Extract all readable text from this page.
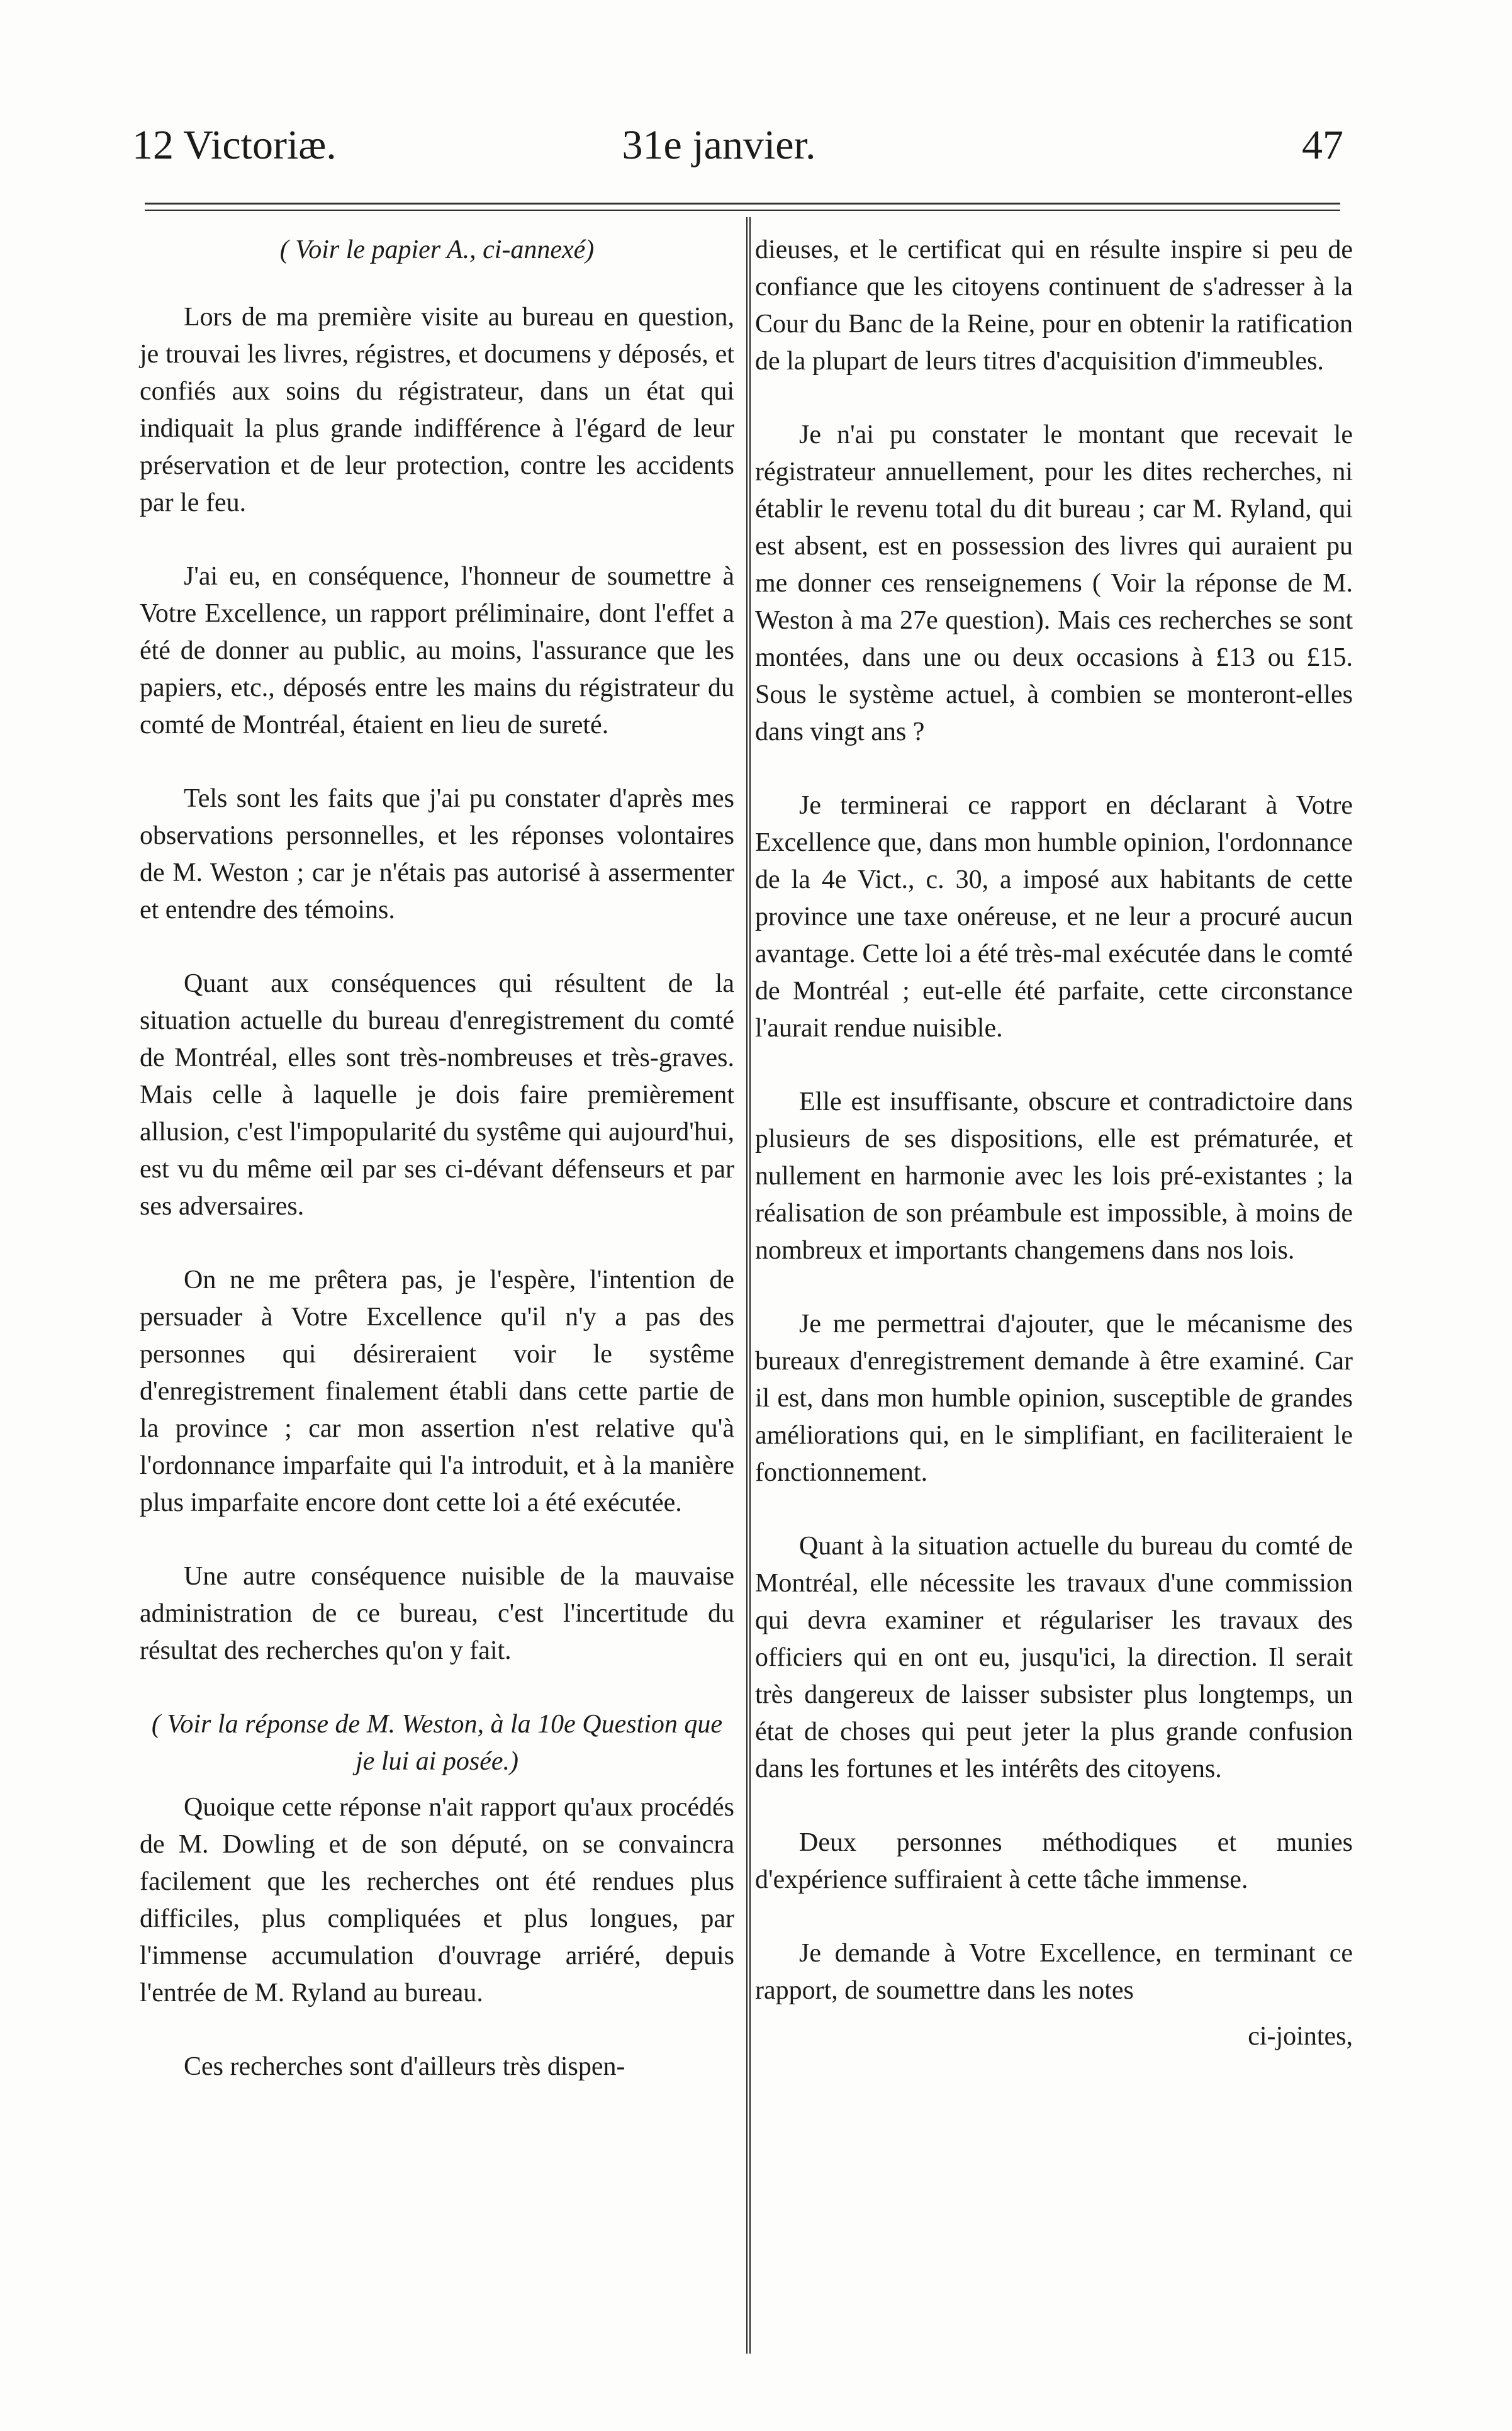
12 Victoriæ.	31e janvier.	47

( Voir le papier A., ci-annexé)

Lors de ma première visite au bureau en question, je trouvai les livres, régistres, et documens y déposés, et confiés aux soins du régistrateur, dans un état qui indiquait la plus grande indifférence à l'égard de leur préservation et de leur protection, contre les accidents par le feu.

J'ai eu, en conséquence, l'honneur de soumettre à Votre Excellence, un rapport préliminaire, dont l'effet a été de donner au public, au moins, l'assurance que les papiers, etc., déposés entre les mains du régistrateur du comté de Montréal, étaient en lieu de sureté.

Tels sont les faits que j'ai pu constater d'après mes observations personnelles, et les réponses volontaires de M. Weston ; car je n'étais pas autorisé à assermenter et entendre des témoins.

Quant aux conséquences qui résultent de la situation actuelle du bureau d'enregistrement du comté de Montréal, elles sont très-nombreuses et très-graves. Mais celle à laquelle je dois faire premièrement allusion, c'est l'impopularité du systême qui aujourd'hui, est vu du même œil par ses ci-dévant défenseurs et par ses adversaires.

On ne me prêtera pas, je l'espère, l'intention de persuader à Votre Excellence qu'il n'y a pas des personnes qui désireraient voir le systême d'enregistrement finalement établi dans cette partie de la province ; car mon assertion n'est relative qu'à l'ordonnance imparfaite qui l'a introduit, et à la manière plus imparfaite encore dont cette loi a été exécutée.

Une autre conséquence nuisible de la mauvaise administration de ce bureau, c'est l'incertitude du résultat des recherches qu'on y fait.

( Voir la réponse de M. Weston, à la 10e Question que je lui ai posée.)

Quoique cette réponse n'ait rapport qu'aux procédés de M. Dowling et de son député, on se convaincra facilement que les recherches ont été rendues plus difficiles, plus compliquées et plus longues, par l'immense accumulation d'ouvrage arriéré, depuis l'entrée de M. Ryland au bureau.

Ces recherches sont d'ailleurs très dispen-

dieuses, et le certificat qui en résulte inspire si peu de confiance que les citoyens continuent de s'adresser à la Cour du Banc de la Reine, pour en obtenir la ratification de la plupart de leurs titres d'acquisition d'immeubles.

Je n'ai pu constater le montant que recevait le régistrateur annuellement, pour les dites recherches, ni établir le revenu total du dit bureau ; car M. Ryland, qui est absent, est en possession des livres qui auraient pu me donner ces renseignemens ( Voir la réponse de M. Weston à ma 27e question). Mais ces recherches se sont montées, dans une ou deux occasions à £13 ou £15. Sous le système actuel, à combien se monteront-elles dans vingt ans ?

Je terminerai ce rapport en déclarant à Votre Excellence que, dans mon humble opinion, l'ordonnance de la 4e Vict., c. 30, a imposé aux habitants de cette province une taxe onéreuse, et ne leur a procuré aucun avantage. Cette loi a été très-mal exécutée dans le comté de Montréal ; eut-elle été parfaite, cette circonstance l'aurait rendue nuisible.

Elle est insuffisante, obscure et contradictoire dans plusieurs de ses dispositions, elle est prématurée, et nullement en harmonie avec les lois pré-existantes ; la réalisation de son préambule est impossible, à moins de nombreux et importants changemens dans nos lois.

Je me permettrai d'ajouter, que le mécanisme des bureaux d'enregistrement demande à être examiné. Car il est, dans mon humble opinion, susceptible de grandes améliorations qui, en le simplifiant, en faciliteraient le fonctionnement.

Quant à la situation actuelle du bureau du comté de Montréal, elle nécessite les travaux d'une commission qui devra examiner et régulariser les travaux des officiers qui en ont eu, jusqu'ici, la direction. Il serait très dangereux de laisser subsister plus longtemps, un état de choses qui peut jeter la plus grande confusion dans les fortunes et les intérêts des citoyens.

Deux personnes méthodiques et munies d'expérience suffiraient à cette tâche immense.

Je demande à Votre Excellence, en terminant ce rapport, de soumettre dans les notes

ci-jointes,
